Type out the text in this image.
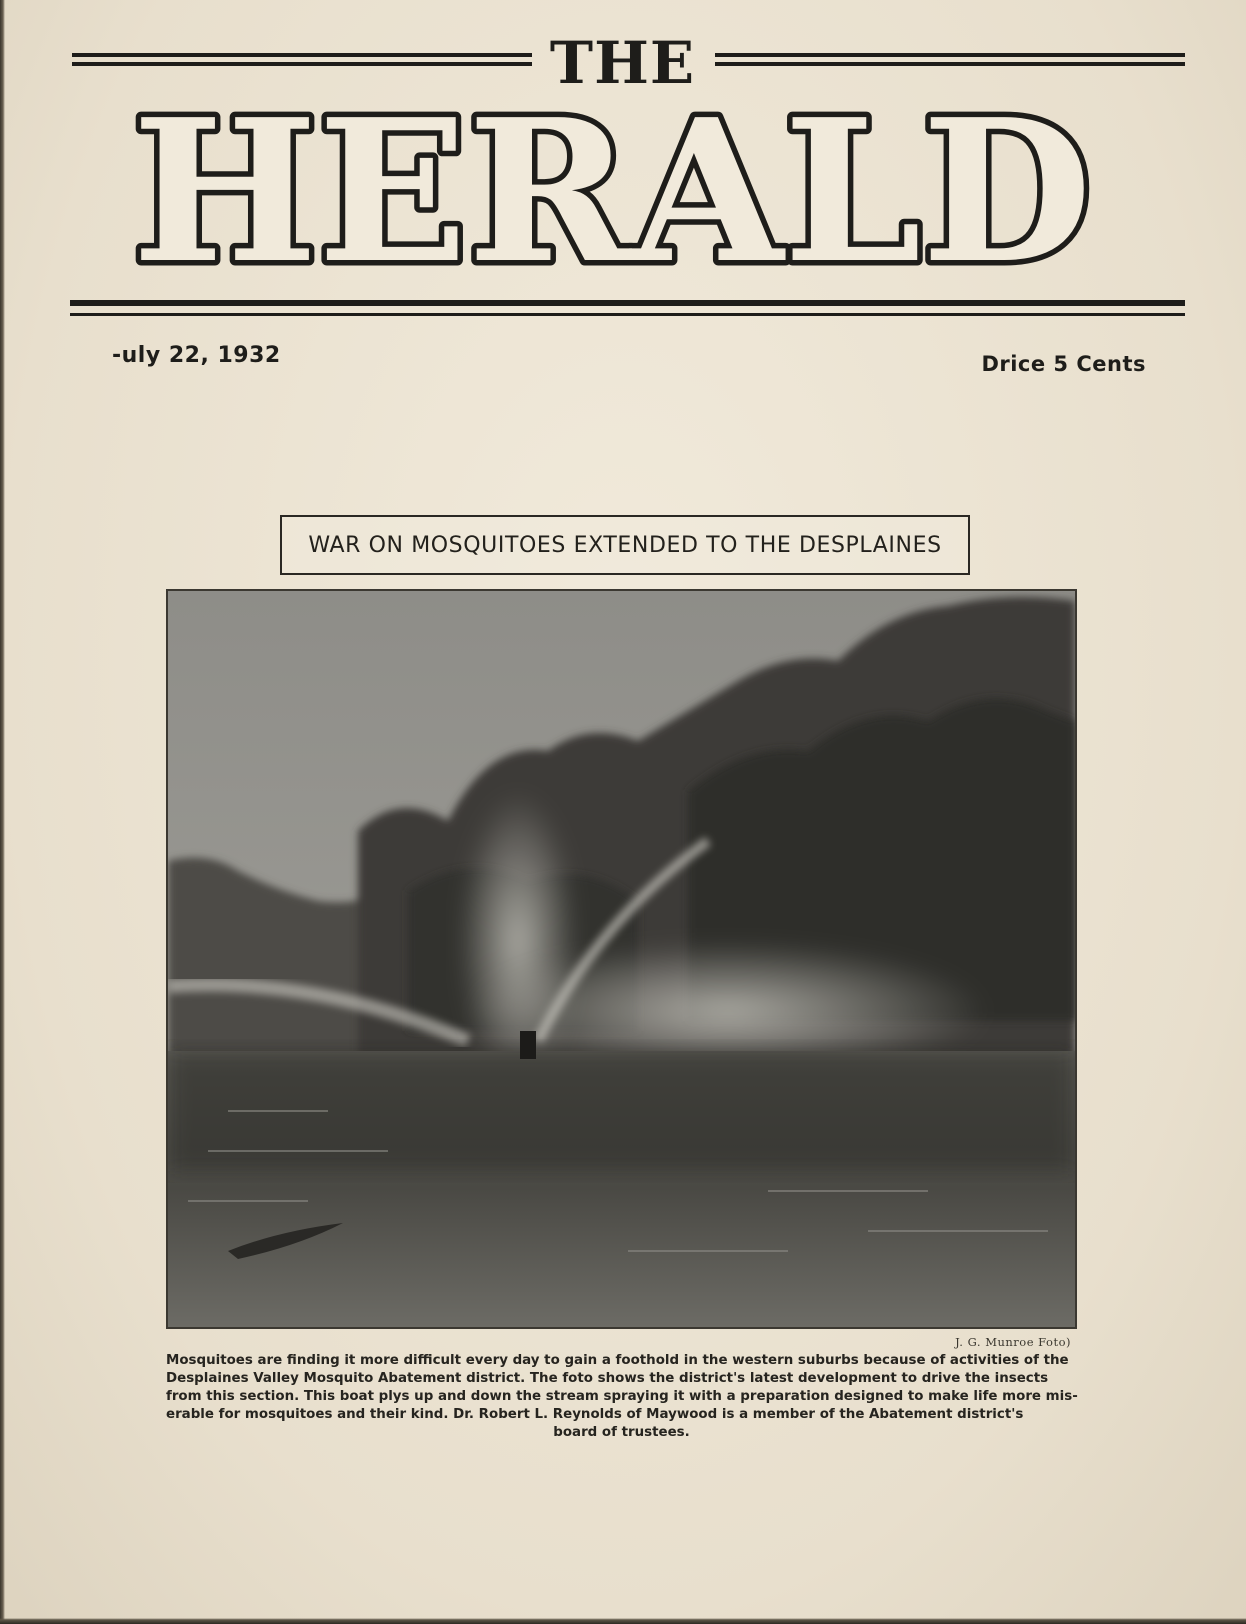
THE
HERALD
-uly 22, 1932	Drice 5 Cents
WAR ON MOSQUITOES EXTENDED TO THE DESPLAINES
J. G. Munroe Foto)
Mosquitoes are finding it more difficult every day to gain a foothold in the western suburbs because of activities of the
Desplaines Valley Mosquito Abatement district. The foto shows the district's latest development to drive the insects
from this section. This boat plys up and down the stream spraying it with a preparation designed to make life more mis-
erable for mosquitoes and their kind. Dr. Robert L. Reynolds of Maywood is a member of the Abatement district's
board of trustees.
